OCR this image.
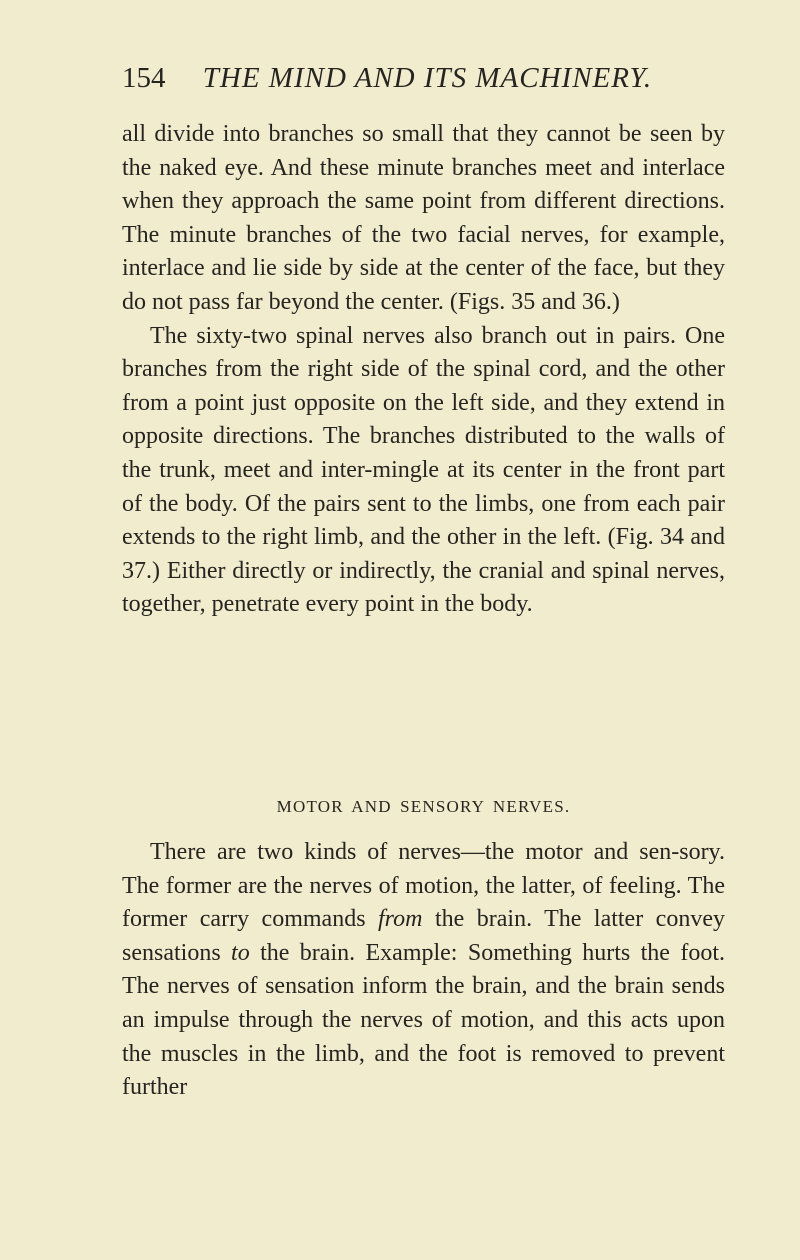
154 THE MIND AND ITS MACHINERY.

all divide into branches so small that they cannot be seen by the naked eye. And these minute branches meet and interlace when they approach the same point from different directions. The minute branches of the two facial nerves, for example, interlace and lie side by side at the center of the face, but they do not pass far beyond the center. (Figs. 35 and 36.)

The sixty-two spinal nerves also branch out in pairs. One branches from the right side of the spinal cord, and the other from a point just opposite on the left side, and they extend in opposite directions. The branches distributed to the walls of the trunk, meet and inter-mingle at its center in the front part of the body. Of the pairs sent to the limbs, one from each pair extends to the right limb, and the other in the left. (Fig. 34 and 37.) Either directly or indirectly, the cranial and spinal nerves, together, penetrate every point in the body.

MOTOR AND SENSORY NERVES.

There are two kinds of nerves—the motor and sen-sory. The former are the nerves of motion, the latter, of feeling. The former carry commands from the brain. The latter convey sensations to the brain. Example: Something hurts the foot. The nerves of sensation inform the brain, and the brain sends an impulse through the nerves of motion, and this acts upon the muscles in the limb, and the foot is removed to prevent further
